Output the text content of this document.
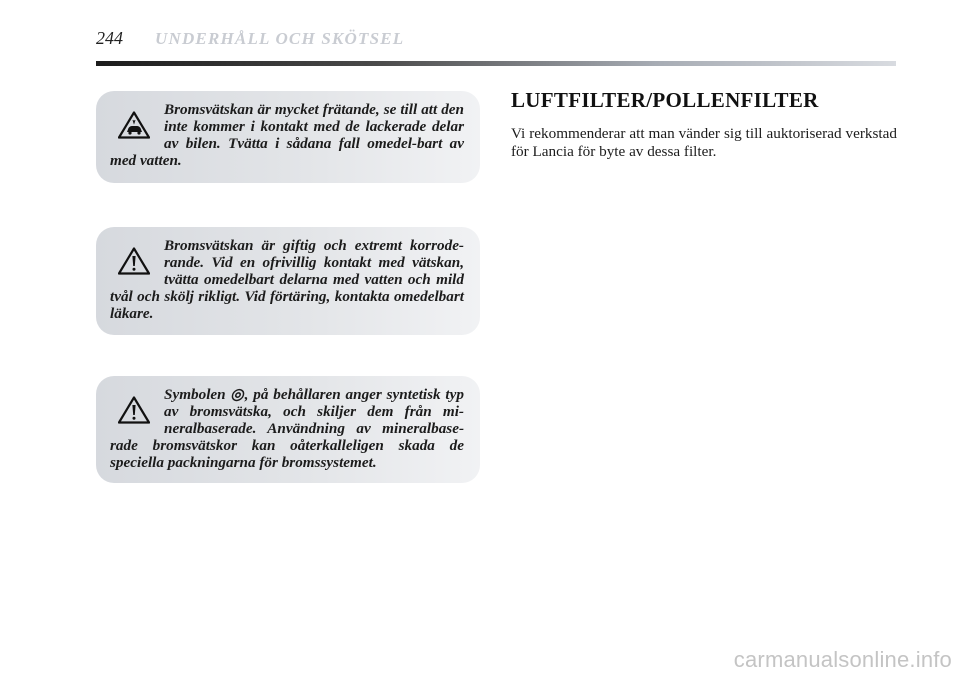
244 UNDERHÅLL OCH SKÖTSEL

Bromsvätskan är mycket frätande, se till att den inte kommer i kontakt med de lackerade delar av bilen. Tvätta i sådana fall omedel-bart av med vatten.

Bromsvätskan är giftig och extremt korrode-rande. Vid en ofrivillig kontakt med vätskan, tvätta omedelbart delarna med vatten och mild tvål och skölj rikligt. Vid förtäring, kontakta omedelbart läkare.

Symbolen ◎, på behållaren anger syntetisk typ av bromsvätska, och skiljer dem från mi-neralbaserade. Användning av mineralbase-rade bromsvätskor kan oåterkalleligen skada de speciella packningarna för bromssystemet.

LUFTFILTER/POLLENFILTER

Vi rekommenderar att man vänder sig till auktoriserad verkstad för Lancia för byte av dessa filter.

carmanualsonline.info
